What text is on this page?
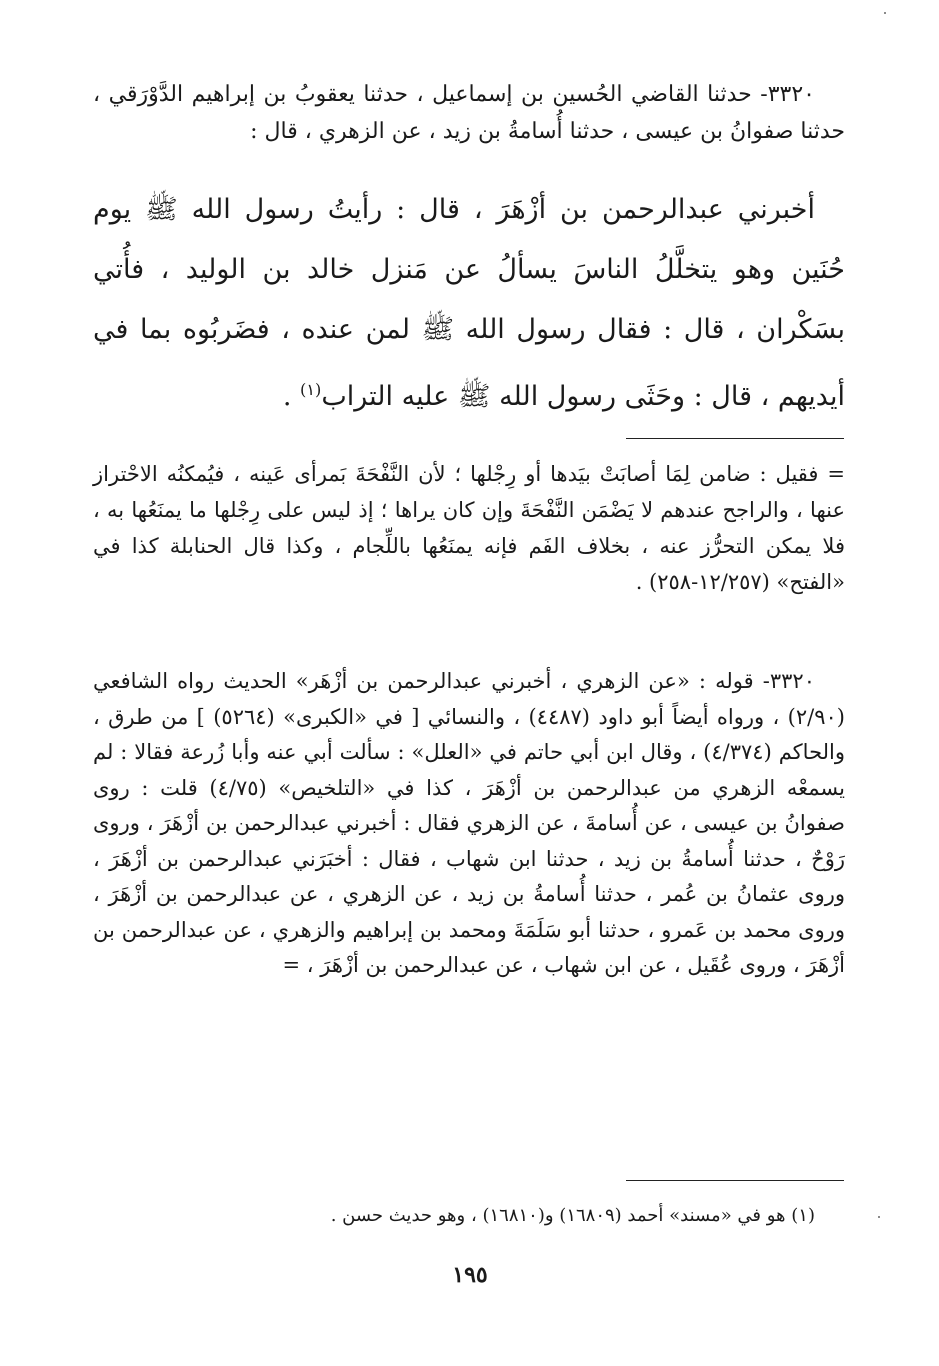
٣٣٢٠- حدثنا القاضي الحُسين بن إسماعيل ، حدثنا يعقوبُ بن إبراهيم الدَّوْرَقي ، حدثنا صفوانُ بن عيسى ، حدثنا أُسامةُ بن زيد ، عن الزهري ، قال :

أخبرني عبدالرحمن بن أزْهَرَ ، قال : رأيتُ رسول الله ﷺ يوم حُنَين وهو يتخلَّلُ الناسَ يسألُ عن مَنزل خالد بن الوليد ، فأُتي بسَكْران ، قال : فقال رسول الله ﷺ لمن عنده ، فضَربُوه بما في أيديهم ، قال : وحَثَى رسول الله ﷺ عليه التراب$^{(١)}$ .

= فقيل : ضامن لِمَا أصابَتْ بيَدها أو رِجْلها ؛ لأن النَّفْحَةَ بَمرأى عَينه ، فيُمكنُه الاحْتراز عنها ، والراجح عندهم لا يَضْمَن النَّفْحَةَ وإن كان يراها ؛ إذ ليس على رِجْلها ما يمنَعُها به ، فلا يمكن التحرُّز عنه ، بخلاف الفَم فإنه يمنَعُها باللِّجام ، وكذا قال الحنابلة كذا في «الفتح» (١٢/٢٥٧-٢٥٨) .

٣٣٢٠- قوله : «عن الزهري ، أخبرني عبدالرحمن بن أزْهَر» الحديث رواه الشافعي (٢/٩٠) ، ورواه أيضاً أبو داود (٤٤٨٧) ، والنسائي [ في «الكبرى» (٥٢٦٤) ] من طرق ، والحاكم (٤/٣٧٤) ، وقال ابن أبي حاتم في «العلل» : سألت أبي عنه وأبا زُرعة فقالا : لم يسمعْه الزهري من عبدالرحمن بن أزْهَرَ ، كذا في «التلخيص» (٤/٧٥) قلت : روى صفوانُ بن عيسى ، عن أُسامةَ ، عن الزهري فقال : أخبرني عبدالرحمن بن أزْهَرَ ، وروى رَوْحٌ ، حدثنا أُسامةُ بن زيد ، حدثنا ابن شهاب ، فقال : أخبَرَني عبدالرحمن بن أزْهَرَ ، وروى عثمانُ بن عُمر ، حدثنا أُسامةُ بن زيد ، عن الزهري ، عن عبدالرحمن بن أزْهَرَ ، وروى محمد بن عَمرو ، حدثنا أبو سَلَمَةَ ومحمد بن إبراهيم والزهري ، عن عبدالرحمن بن أزْهَرَ ، وروى عُقَيل ، عن ابن شهاب ، عن عبدالرحمن بن أزْهَرَ ، =

(١) هو في «مسند» أحمد (١٦٨٠٩) و(١٦٨١٠) ، وهو حديث حسن .

١٩٥
